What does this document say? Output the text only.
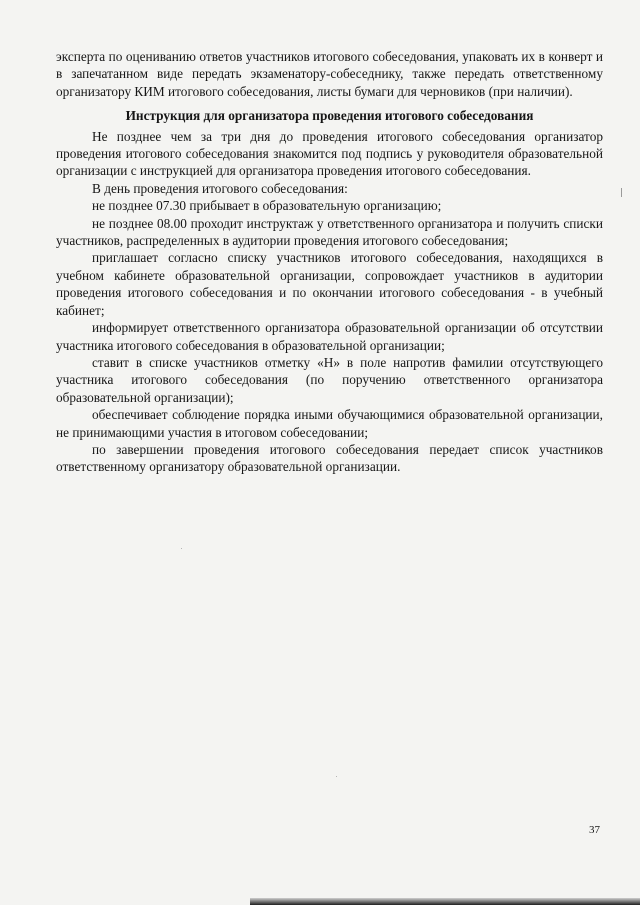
эксперта по оцениванию ответов участников итогового собеседования, упаковать их в конверт и в запечатанном виде передать экзаменатору-собеседнику, также передать ответственному организатору КИМ итогового собеседования, листы бумаги для черновиков (при наличии).

Инструкция для организатора проведения итогового собеседования

Не позднее чем за три дня до проведения итогового собеседования организатор проведения итогового собеседования знакомится под подпись у руководителя образовательной организации с инструкцией для организатора проведения итогового собеседования.

В день проведения итогового собеседования:

не позднее 07.30 прибывает в образовательную организацию;

не позднее 08.00 проходит инструктаж у ответственного организатора и получить списки участников, распределенных в аудитории проведения итогового собеседования;

приглашает согласно списку участников итогового собеседования, находящихся в учебном кабинете образовательной организации, сопровождает участников в аудитории проведения итогового собеседования и по окончании итогового собеседования - в учебный кабинет;

информирует ответственного организатора образовательной организации об отсутствии участника итогового собеседования в образовательной организации;

ставит в списке участников отметку «Н» в поле напротив фамилии отсутствующего участника итогового собеседования (по поручению ответственного организатора образовательной организации);

обеспечивает соблюдение порядка иными обучающимися образовательной организации, не принимающими участия в итоговом собеседовании;

по завершении проведения итогового собеседования передает список участников ответственному организатору образовательной организации.

37
